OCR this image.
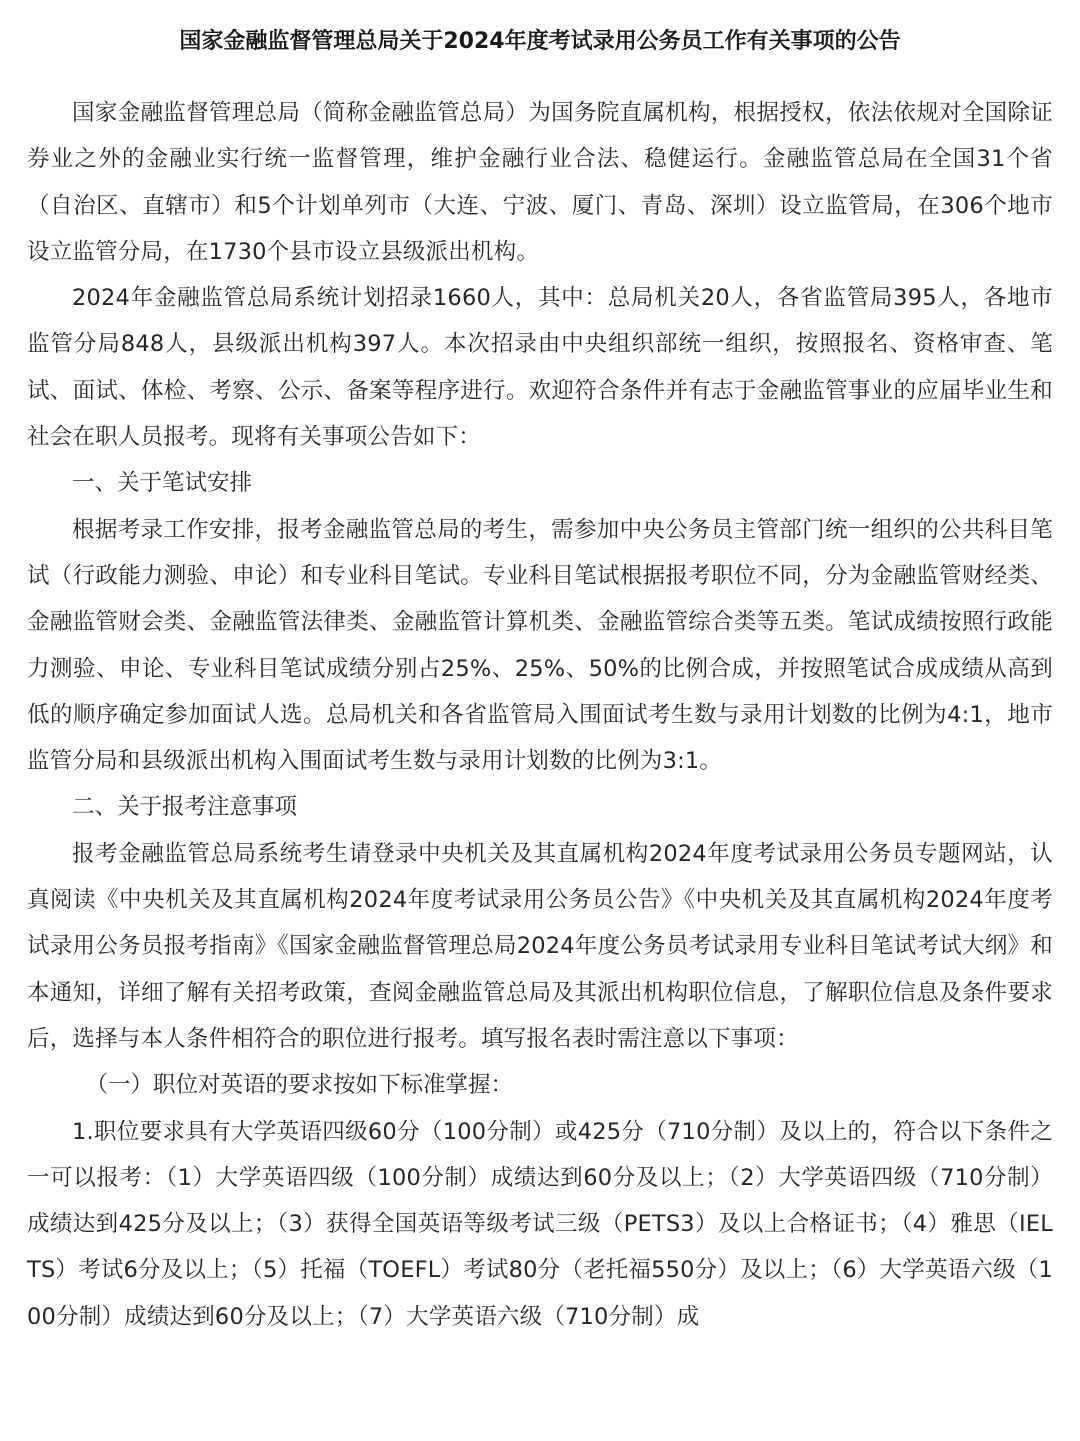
国家金融监督管理总局关于2024年度考试录用公务员工作有关事项的公告

国家金融监督管理总局（简称金融监管总局）为国务院直属机构，根据授权，依法依规对全国除证券业之外的金融业实行统一监督管理，维护金融行业合法、稳健运行。金融监管总局在全国31个省（自治区、直辖市）和5个计划单列市（大连、宁波、厦门、青岛、深圳）设立监管局，在306个地市设立监管分局，在1730个县市设立县级派出机构。

2024年金融监管总局系统计划招录1660人，其中：总局机关20人，各省监管局395人，各地市监管分局848人，县级派出机构397人。本次招录由中央组织部统一组织，按照报名、资格审查、笔试、面试、体检、考察、公示、备案等程序进行。欢迎符合条件并有志于金融监管事业的应届毕业生和社会在职人员报考。现将有关事项公告如下：

一、关于笔试安排

根据考录工作安排，报考金融监管总局的考生，需参加中央公务员主管部门统一组织的公共科目笔试（行政能力测验、申论）和专业科目笔试。专业科目笔试根据报考职位不同，分为金融监管财经类、金融监管财会类、金融监管法律类、金融监管计算机类、金融监管综合类等五类。笔试成绩按照行政能力测验、申论、专业科目笔试成绩分别占25%、25%、50%的比例合成，并按照笔试合成成绩从高到低的顺序确定参加面试人选。总局机关和各省监管局入围面试考生数与录用计划数的比例为4:1，地市监管分局和县级派出机构入围面试考生数与录用计划数的比例为3:1。

二、关于报考注意事项

报考金融监管总局系统考生请登录中央机关及其直属机构2024年度考试录用公务员专题网站，认真阅读《中央机关及其直属机构2024年度考试录用公务员公告》《中央机关及其直属机构2024年度考试录用公务员报考指南》《国家金融监督管理总局2024年度公务员考试录用专业科目笔试考试大纲》和本通知，详细了解有关招考政策，查阅金融监管总局及其派出机构职位信息，了解职位信息及条件要求后，选择与本人条件相符合的职位进行报考。填写报名表时需注意以下事项：

（一）职位对英语的要求按如下标准掌握：

1.职位要求具有大学英语四级60分（100分制）或425分（710分制）及以上的，符合以下条件之一可以报考：（1）大学英语四级（100分制）成绩达到60分及以上；（2）大学英语四级（710分制）成绩达到425分及以上；（3）获得全国英语等级考试三级（PETS3）及以上合格证书；（4）雅思（IELTS）考试6分及以上；（5）托福（TOEFL）考试80分（老托福550分）及以上；（6）大学英语六级（100分制）成绩达到60分及以上；（7）大学英语六级（710分制）成
